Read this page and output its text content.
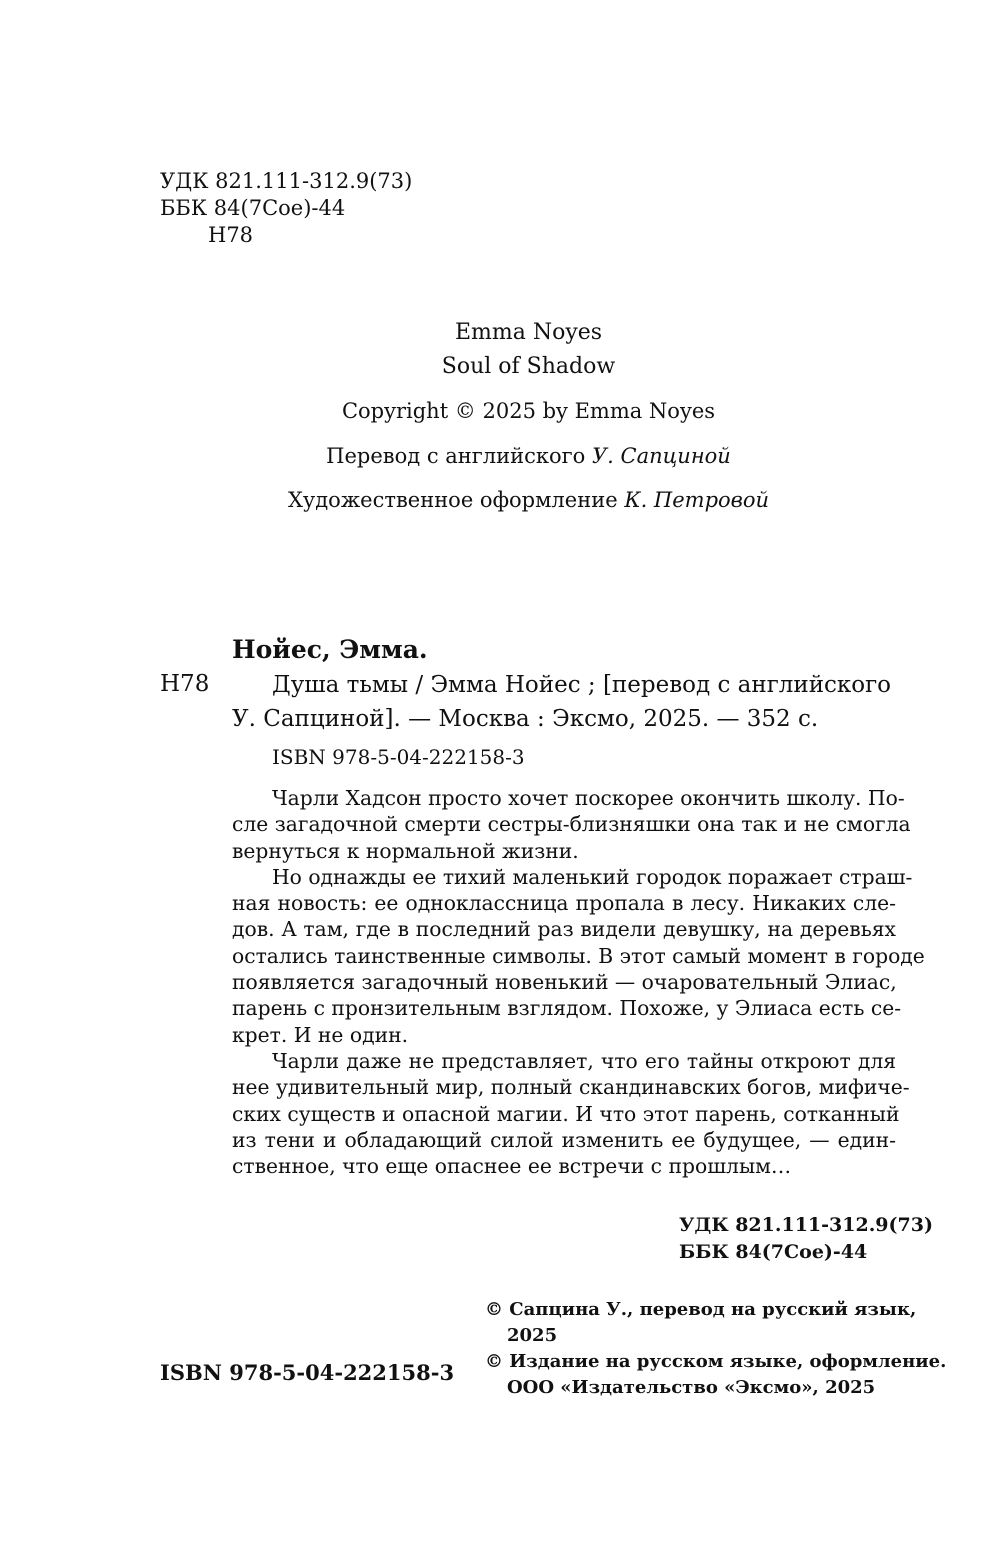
УДК 821.111-312.9(73)
ББК 84(7Сое)-44
Н78
Emma Noyes
Soul of Shadow
Copyright © 2025 by Emma Noyes
Перевод с английского У. Сапциной
Художественное оформление К. Петровой
Нойес, Эмма.
Н78	Душа тьмы / Эмма Нойес ; [перевод с английского
У. Сапциной]. — Москва : Эксмо, 2025. — 352 с.
ISBN 978-5-04-222158-3
Чарли Хадсон просто хочет поскорее окончить школу. По-
сле загадочной смерти сестры-близняшки она так и не смогла
вернуться к нормальной жизни.
Но однажды ее тихий маленький городок поражает страш-
ная новость: ее одноклассница пропала в лесу. Никаких сле-
дов. А там, где в последний раз видели девушку, на деревьях
остались таинственные символы. В этот самый момент в городе
появляется загадочный новенький — очаровательный Элиас,
парень с пронзительным взглядом. Похоже, у Элиаса есть се-
крет. И не один.
Чарли даже не представляет, что его тайны откроют для
нее удивительный мир, полный скандинавских богов, мифиче-
ских существ и опасной магии. И что этот парень, сотканный
из тени и обладающий силой изменить ее будущее, — един-
ственное, что еще опаснее ее встречи с прошлым…
УДК 821.111-312.9(73)
ББК 84(7Сое)-44
© Сапцина У., перевод на русский язык,
2025
© Издание на русском языке, оформление.
ООО «Издательство «Эксмо», 2025
ISBN 978-5-04-222158-3
